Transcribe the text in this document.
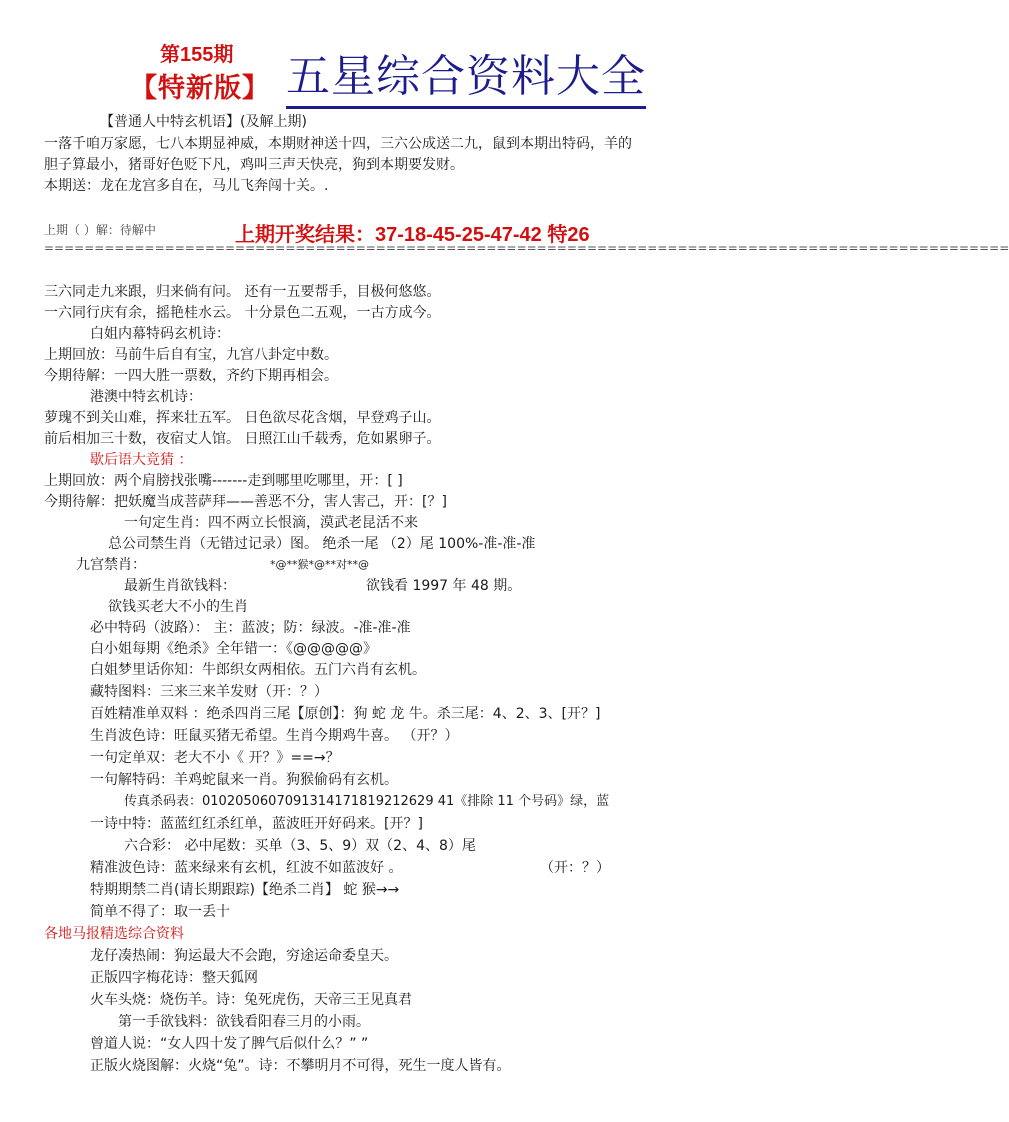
第155期
【特新版】 五星综合资料大全
【普通人中特玄机语】(及解上期)
一落千咱万家愿，七八本期显神威，本期财神送十四，三六公成送二九，鼠到本期出特码，羊的
胆子算最小，猪哥好色贬下凡，鸡叫三声天快亮，狗到本期要发财。
本期送：龙在龙宫多自在，马儿飞奔闯十关。.
上期（ ）解：待解中	上期开奖结果：37-18-45-25-47-42 特26
================================================================================================
三六同走九来跟，归来倘有问。 还有一五要帮手，目极何悠悠。
一六同行庆有余，摇艳桂水云。 十分景色二五观，一古方成今。
白姐内幕特码玄机诗：
上期回放：马前牛后自有宝，九宫八卦定中数。
今期待解：一四大胜一票数，齐约下期再相会。
港澳中特玄机诗：
萝瑰不到关山难，挥来壮五军。 日色欲尽花含烟，早登鸡子山。
前后相加三十数，夜宿丈人馆。 日照江山千载秀，危如累卵子。
歇后语大竞猜 ：
上期回放：两个肩膀找张嘴-------走到哪里吃哪里，开：[ ]
今期待解：把妖魔当成菩萨拜——善恶不分，害人害己，开：[？]
一句定生肖：四不两立长恨滴，漠武老昆活不来
总公司禁生肖（无错过记录）图。 绝杀一尾 （2）尾 100%-准-准-准
九宫禁肖：	*@**猴*@**对**@
最新生肖欲钱料：	欲钱看 1997 年 48 期。
欲钱买老大不小的生肖
必中特码（波路）： 主：蓝波；防：绿波。-准-准-准
白小姐每期《绝杀》全年错一：《@@@@@》
白姐梦里话你知：牛郎织女两相依。五门六肖有玄机。
藏特图料：三来三来羊发财（开：？）
百姓精准单双料 ：绝杀四肖三尾【原创】：狗 蛇 龙 牛。杀三尾：4、2、3、[开？]
生肖波色诗：旺鼠买猪无希望。生肖今期鸡牛喜。 （开？）
一句定单双：老大不小《 开？》==→？
一句解特码：羊鸡蛇鼠来一肖。狗猴偷码有玄机。
传真杀码表：0102050607091314171819212629 41《排除 11 个号码》绿，蓝
一诗中特：蓝蓝红红杀红单，蓝波旺开好码来。[开？]
六合彩： 必中尾数：买单（3、5、9）双（2、4、8）尾
精准波色诗：蓝来绿来有玄机，红波不如蓝波好 。	（开：？）
特期期禁二肖(请长期跟踪)【绝杀二肖】 蛇 猴→→
简单不得了：取一丢十
各地马报精选综合资料
龙仔凑热闹：狗运最大不会跑，穷途运命委皇天。
正版四字梅花诗：整天狐网
火车头烧：烧伤羊。诗：兔死虎伤，天帝三王见真君
第一手欲钱料：欲钱看阳春三月的小雨。
曾道人说：“女人四十发了脾气后似什么？” ”
正版火烧图解：火烧“兔”。诗：不攀明月不可得，死生一度人皆有。
